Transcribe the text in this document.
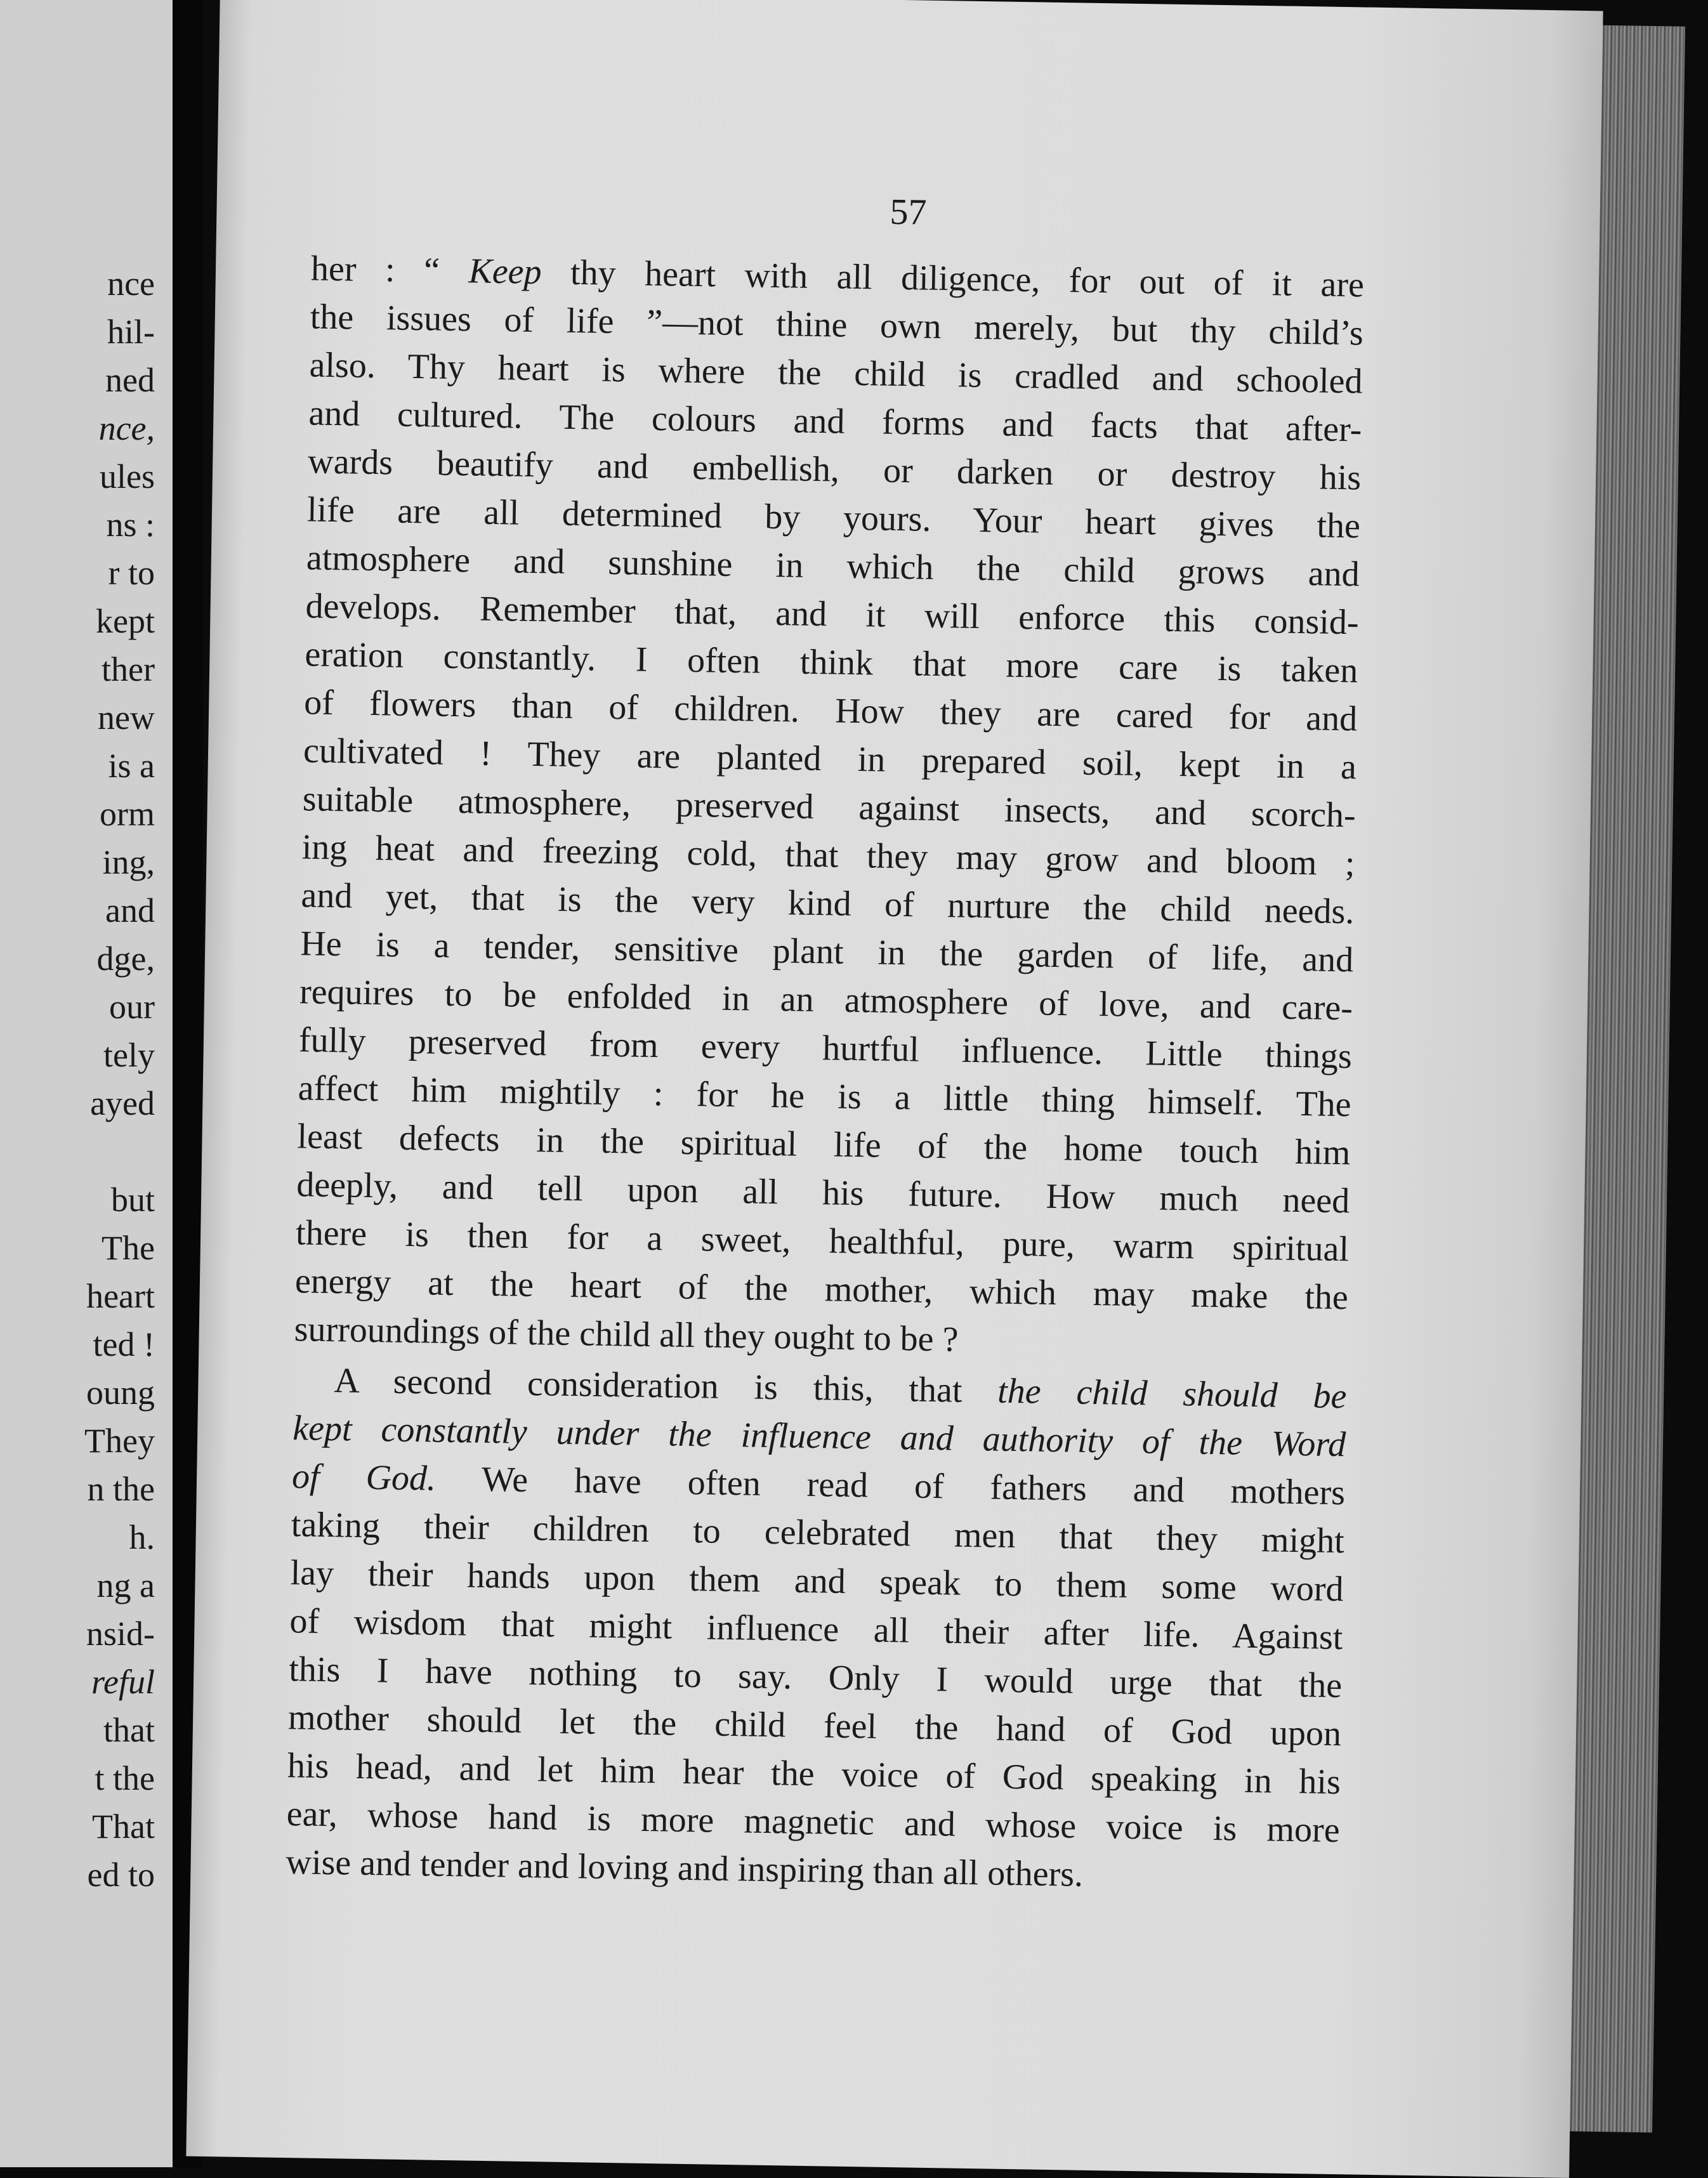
nce
hil-
ned
nce,
ules
ns :
r to
kept
ther
new
is a
orm
ing,
and
dge,
our
tely
ayed
but
The
heart
ted !
oung
They
n the
h.
ng a
nsid-
reful
that
t the
That
ed to
57
her : “ Keep thy heart with all diligence, for out of it are
the issues of life ”—not thine own merely, but thy child’s
also. Thy heart is where the child is cradled and schooled
and cultured. The colours and forms and facts that after-
wards beautify and embellish, or darken or destroy his
life are all determined by yours. Your heart gives the
atmosphere and sunshine in which the child grows and
develops. Remember that, and it will enforce this consid-
eration constantly. I often think that more care is taken
of flowers than of children. How they are cared for and
cultivated ! They are planted in prepared soil, kept in a
suitable atmosphere, preserved against insects, and scorch-
ing heat and freezing cold, that they may grow and bloom ;
and yet, that is the very kind of nurture the child needs.
He is a tender, sensitive plant in the garden of life, and
requires to be enfolded in an atmosphere of love, and care-
fully preserved from every hurtful influence. Little things
affect him mightily : for he is a little thing himself. The
least defects in the spiritual life of the home touch him
deeply, and tell upon all his future. How much need
there is then for a sweet, healthful, pure, warm spiritual
energy at the heart of the mother, which may make the
surroundings of the child all they ought to be ?
A second consideration is this, that the child should be
kept constantly under the influence and authority of the Word
of God. We have often read of fathers and mothers
taking their children to celebrated men that they might
lay their hands upon them and speak to them some word
of wisdom that might influence all their after life. Against
this I have nothing to say. Only I would urge that the
mother should let the child feel the hand of God upon
his head, and let him hear the voice of God speaking in his
ear, whose hand is more magnetic and whose voice is more
wise and tender and loving and inspiring than all others.
